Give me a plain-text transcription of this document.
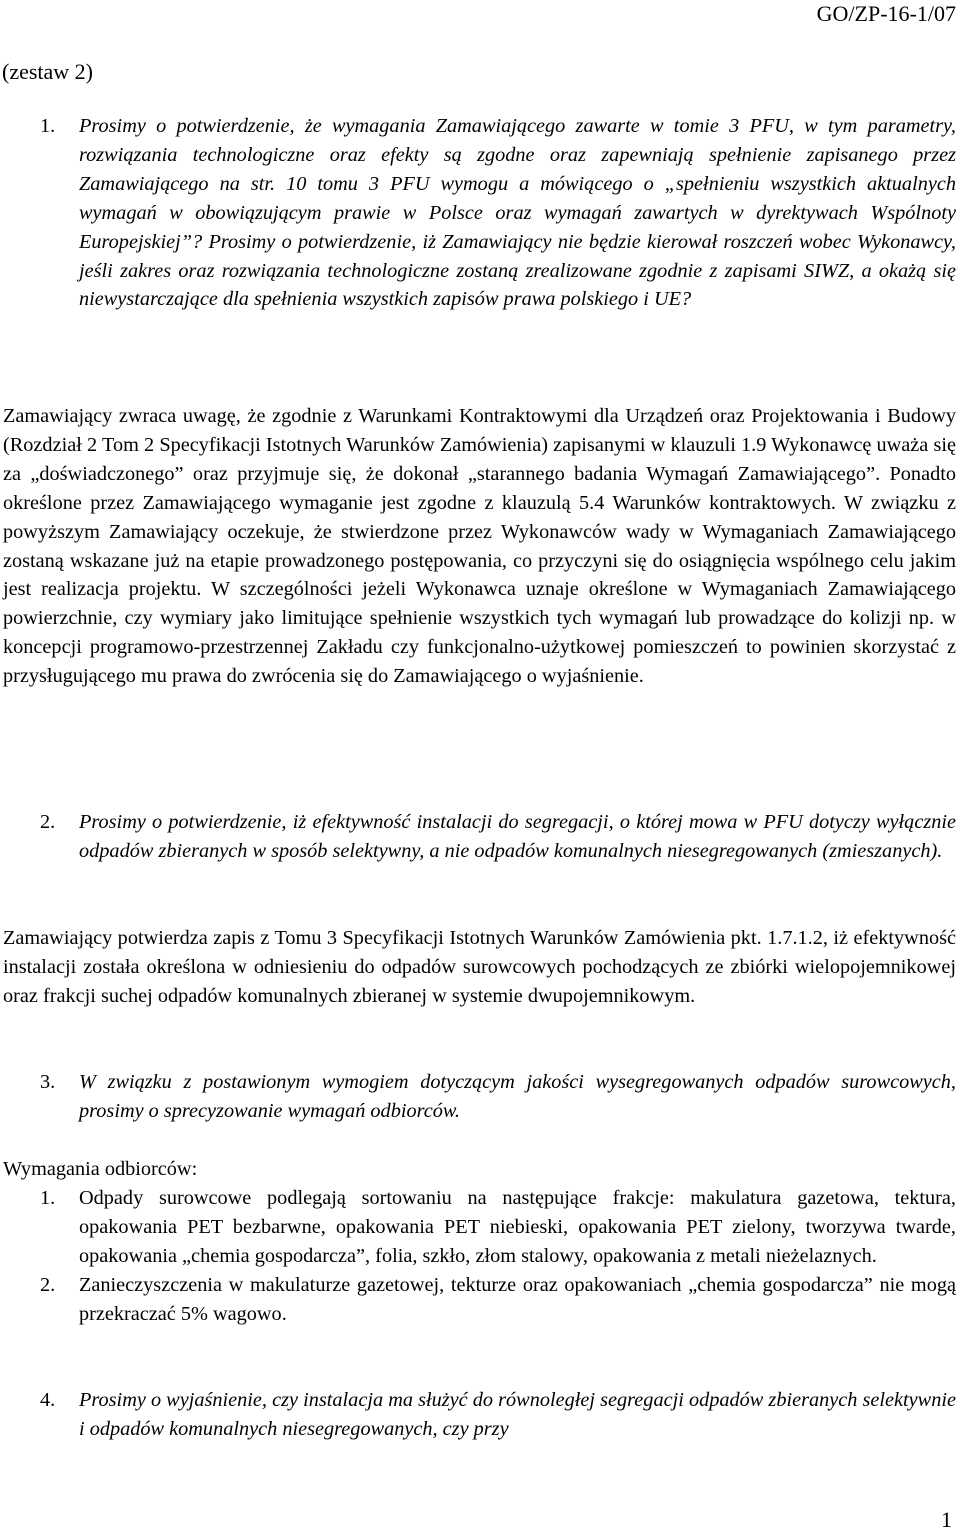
GO/ZP-16-1/07
(zestaw 2)
1. Prosimy o potwierdzenie, że wymagania Zamawiającego zawarte w tomie 3 PFU, w tym parametry, rozwiązania technologiczne oraz efekty są zgodne oraz zapewniają spełnienie zapisanego przez Zamawiającego na str. 10 tomu 3 PFU wymogu a mówiącego o „spełnieniu wszystkich aktualnych wymagań w obowiązującym prawie w Polsce oraz wymagań zawartych w dyrektywach Wspólnoty Europejskiej”? Prosimy o potwierdzenie, iż Zamawiający nie będzie kierował roszczeń wobec Wykonawcy, jeśli zakres oraz rozwiązania technologiczne zostaną zrealizowane zgodnie z zapisami SIWZ, a okażą się niewystarczające dla spełnienia wszystkich zapisów prawa polskiego i UE?
Zamawiający zwraca uwagę, że zgodnie z Warunkami Kontraktowymi dla Urządzeń oraz Projektowania i Budowy (Rozdział 2 Tom 2 Specyfikacji Istotnych Warunków Zamówienia) zapisanymi w klauzuli 1.9 Wykonawcę uważa się za „doświadczonego” oraz przyjmuje się, że dokonał „starannego badania Wymagań Zamawiającego”. Ponadto określone przez Zamawiającego wymaganie jest zgodne z klauzulą 5.4 Warunków kontraktowych. W związku z powyższym Zamawiający oczekuje, że stwierdzone przez Wykonawców wady w Wymaganiach Zamawiającego zostaną wskazane już na etapie prowadzonego postępowania, co przyczyni się do osiągnięcia wspólnego celu jakim jest realizacja projektu. W szczególności jeżeli Wykonawca uznaje określone w Wymaganiach Zamawiającego powierzchnie, czy wymiary jako limitujące spełnienie wszystkich tych wymagań lub prowadzące do kolizji np. w koncepcji programowo-przestrzennej Zakładu czy funkcjonalno-użytkowej pomieszczeń to powinien skorzystać z przysługującego mu prawa do zwrócenia się do Zamawiającego o wyjaśnienie.
2. Prosimy o potwierdzenie, iż efektywność instalacji do segregacji, o której mowa w PFU dotyczy wyłącznie odpadów zbieranych w sposób selektywny, a nie odpadów komunalnych niesegregowanych (zmieszanych).
Zamawiający potwierdza zapis z Tomu 3 Specyfikacji Istotnych Warunków Zamówienia pkt. 1.7.1.2, iż efektywność instalacji została określona w odniesieniu do odpadów surowcowych pochodzących ze zbiórki wielopojemnikowej oraz frakcji suchej odpadów komunalnych zbieranej w systemie dwupojemnikowym.
3. W związku z postawionym wymogiem dotyczącym jakości wysegregowanych odpadów surowcowych, prosimy o sprecyzowanie wymagań odbiorców.
Wymagania odbiorców:
1. Odpady surowcowe podlegają sortowaniu na następujące frakcje: makulatura gazetowa, tektura, opakowania PET bezbarwne, opakowania PET niebieski, opakowania PET zielony, tworzywa twarde, opakowania „chemia gospodarcza”, folia, szkło, złom stalowy, opakowania z metali nieżelaznych.
2. Zanieczyszczenia w makulaturze gazetowej, tekturze oraz opakowaniach „chemia gospodarcza” nie mogą przekraczać 5% wagowo.
4. Prosimy o wyjaśnienie, czy instalacja ma służyć do równoległej segregacji odpadów zbieranych selektywnie i odpadów komunalnych niesegregowanych, czy przy
1
